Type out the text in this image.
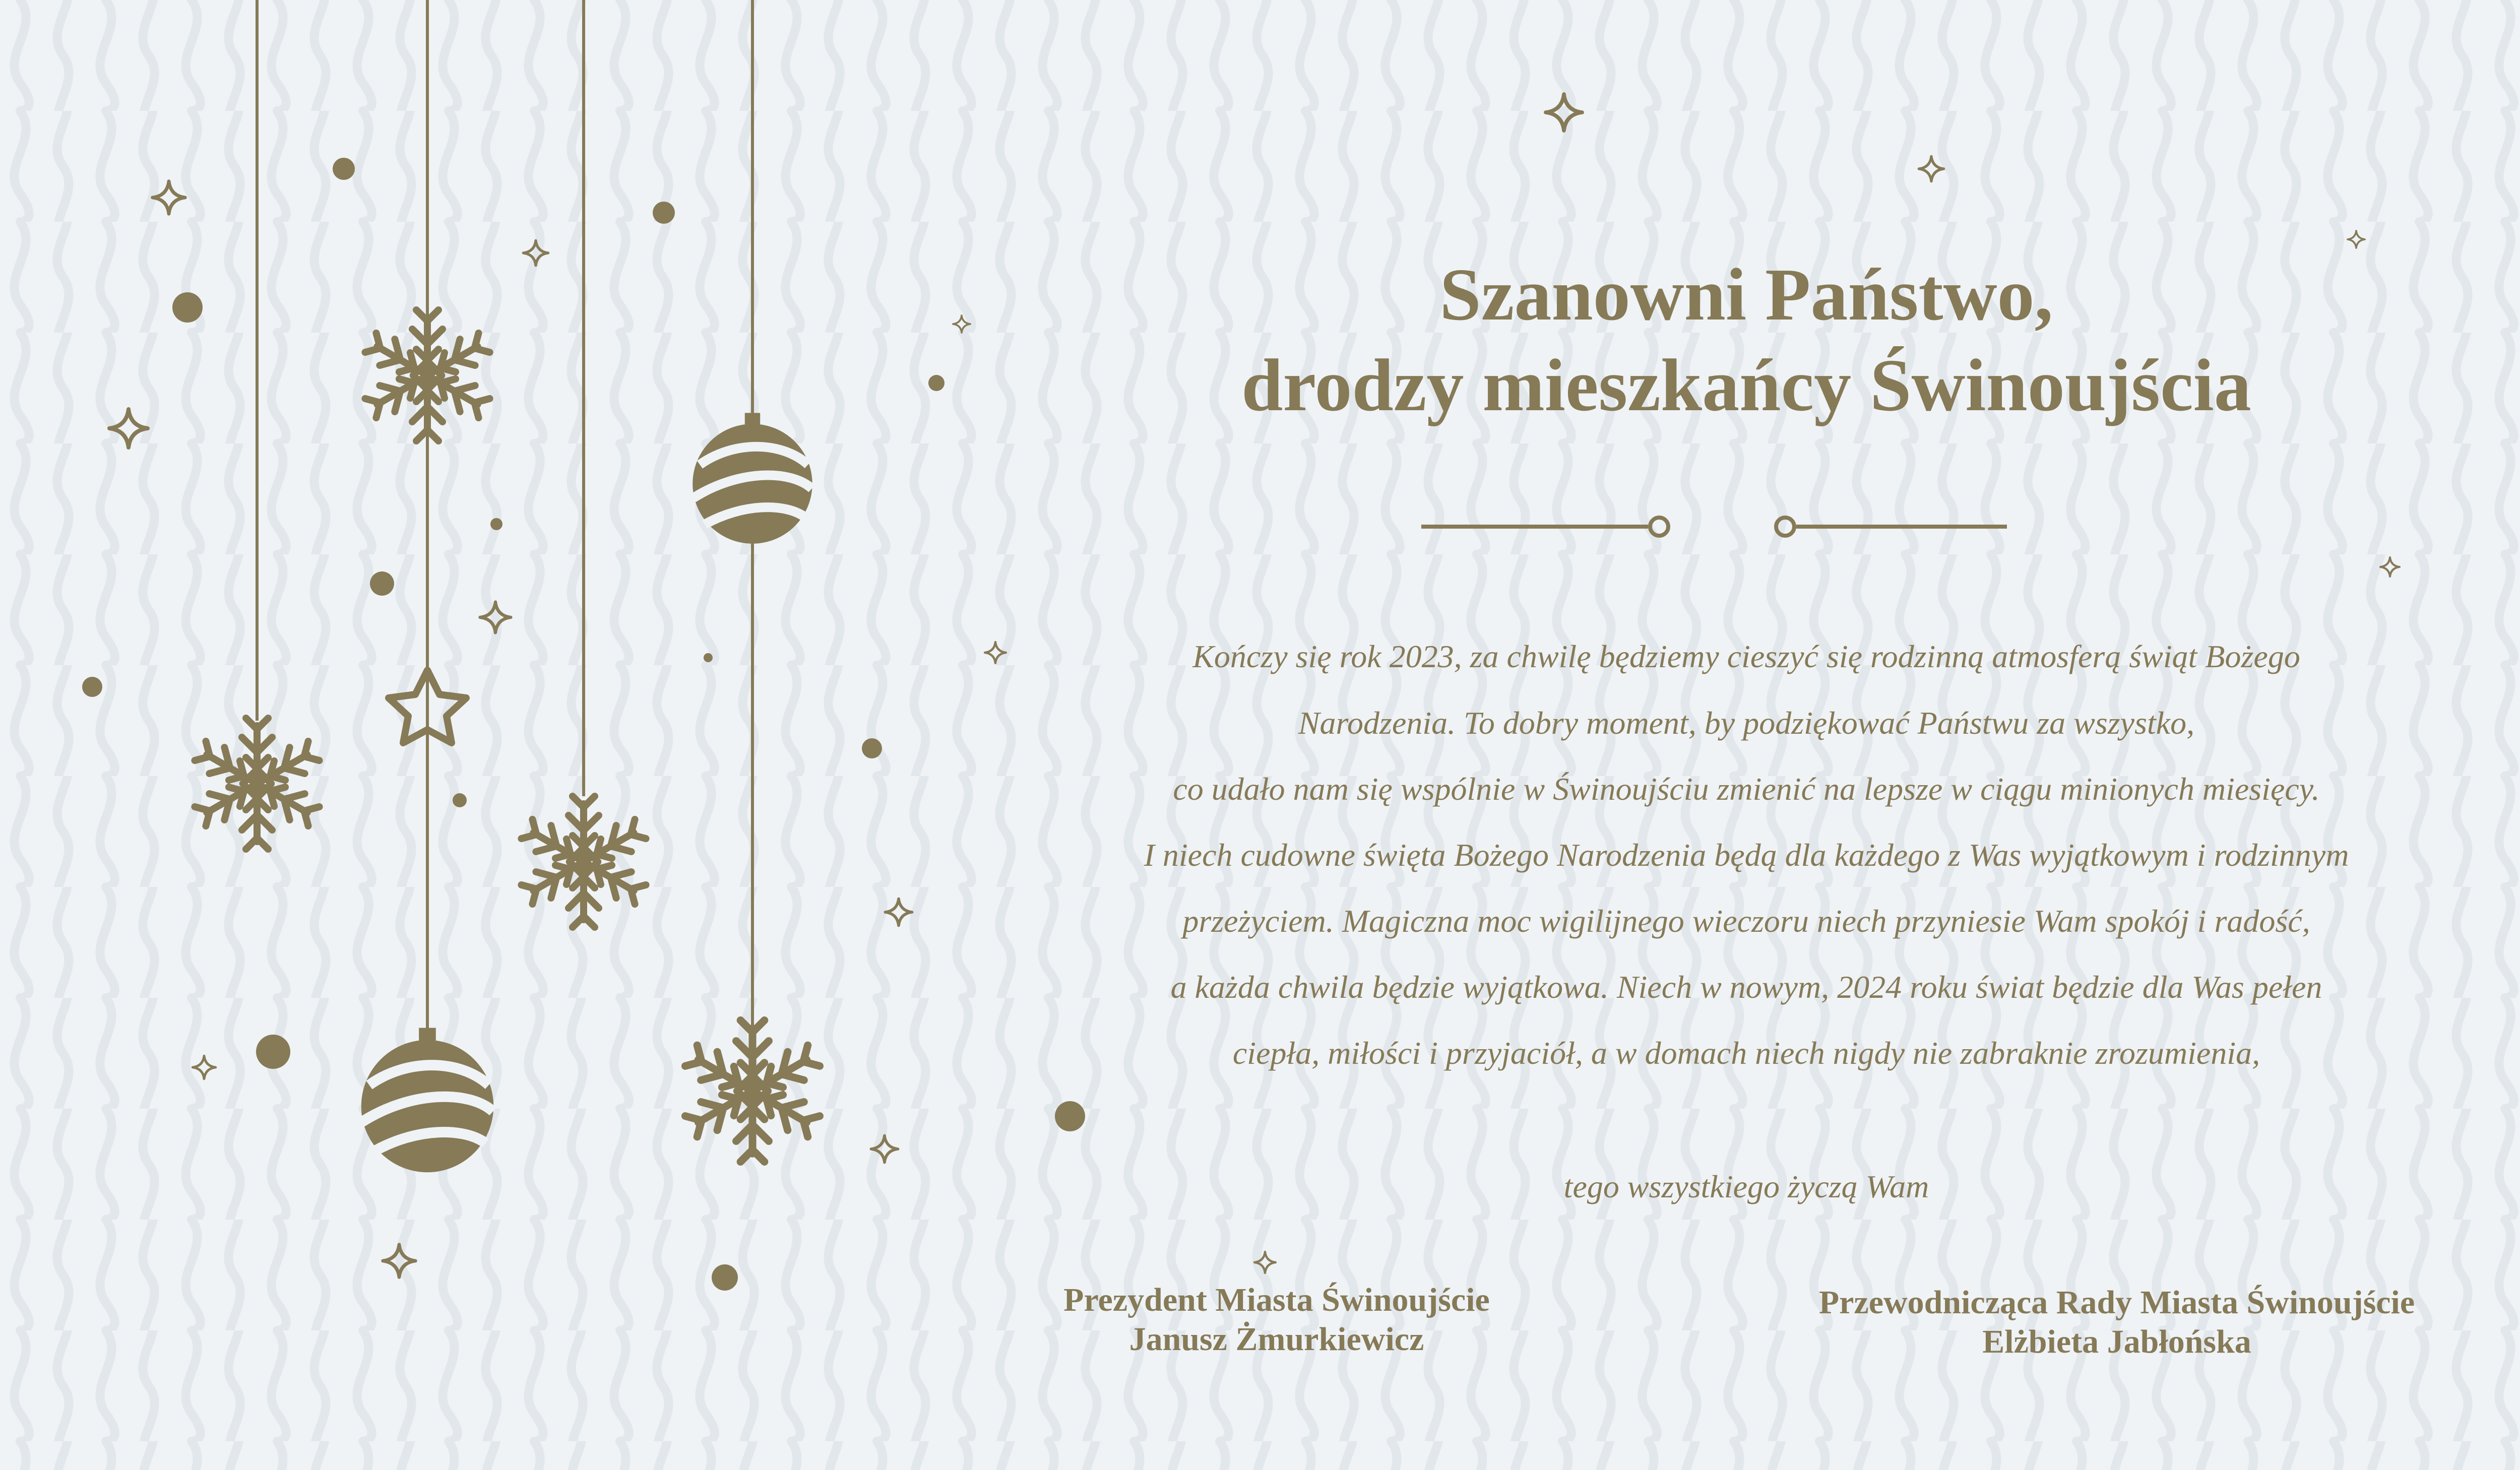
Szanowni Państwo,
drodzy mieszkańcy Świnoujścia

Kończy się rok 2023, za chwilę będziemy cieszyć się rodzinną atmosferą świąt Bożego

Narodzenia. To dobry moment, by podziękować Państwu za wszystko,

co udało nam się wspólnie w Świnoujściu zmienić na lepsze w ciągu minionych miesięcy.

I niech cudowne święta Bożego Narodzenia będą dla każdego z Was wyjątkowym i rodzinnym

przeżyciem. Magiczna moc wigilijnego wieczoru niech przyniesie Wam spokój i radość,

a każda chwila będzie wyjątkowa. Niech w nowym, 2024 roku świat będzie dla Was pełen

ciepła, miłości i przyjaciół, a w domach niech nigdy nie zabraknie zrozumienia,

tego wszystkiego życzą Wam

Prezydent Miasta Świnoujście
Janusz Żmurkiewicz
Przewodnicząca Rady Miasta Świnoujście
Elżbieta Jabłońska
